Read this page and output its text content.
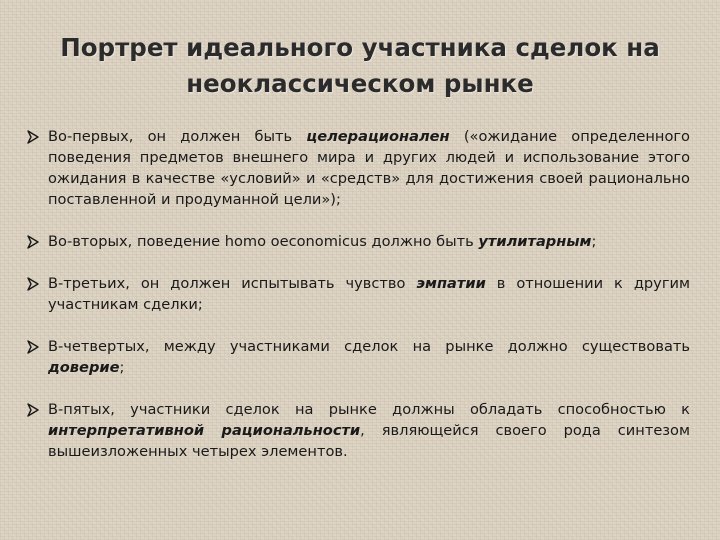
Портрет идеального участника сделок на
неоклассическом рынке
Во-первых, он должен быть целерационален («ожидание определенного поведения предметов внешнего мира и других людей и использование этого ожидания в качестве «условий» и «средств» для достижения своей рационально поставленной и продуманной цели»);
Во-вторых, поведение homo oeconomicus должно быть утилитарным;
В-третьих, он должен испытывать чувство эмпатии в отношении к другим участникам сделки;
В-четвертых, между участниками сделок на рынке должно существовать доверие;
В-пятых, участники сделок на рынке должны обладать способностью к интерпретативной рациональности, являющейся своего рода синтезом вышеизложенных четырех элементов.
